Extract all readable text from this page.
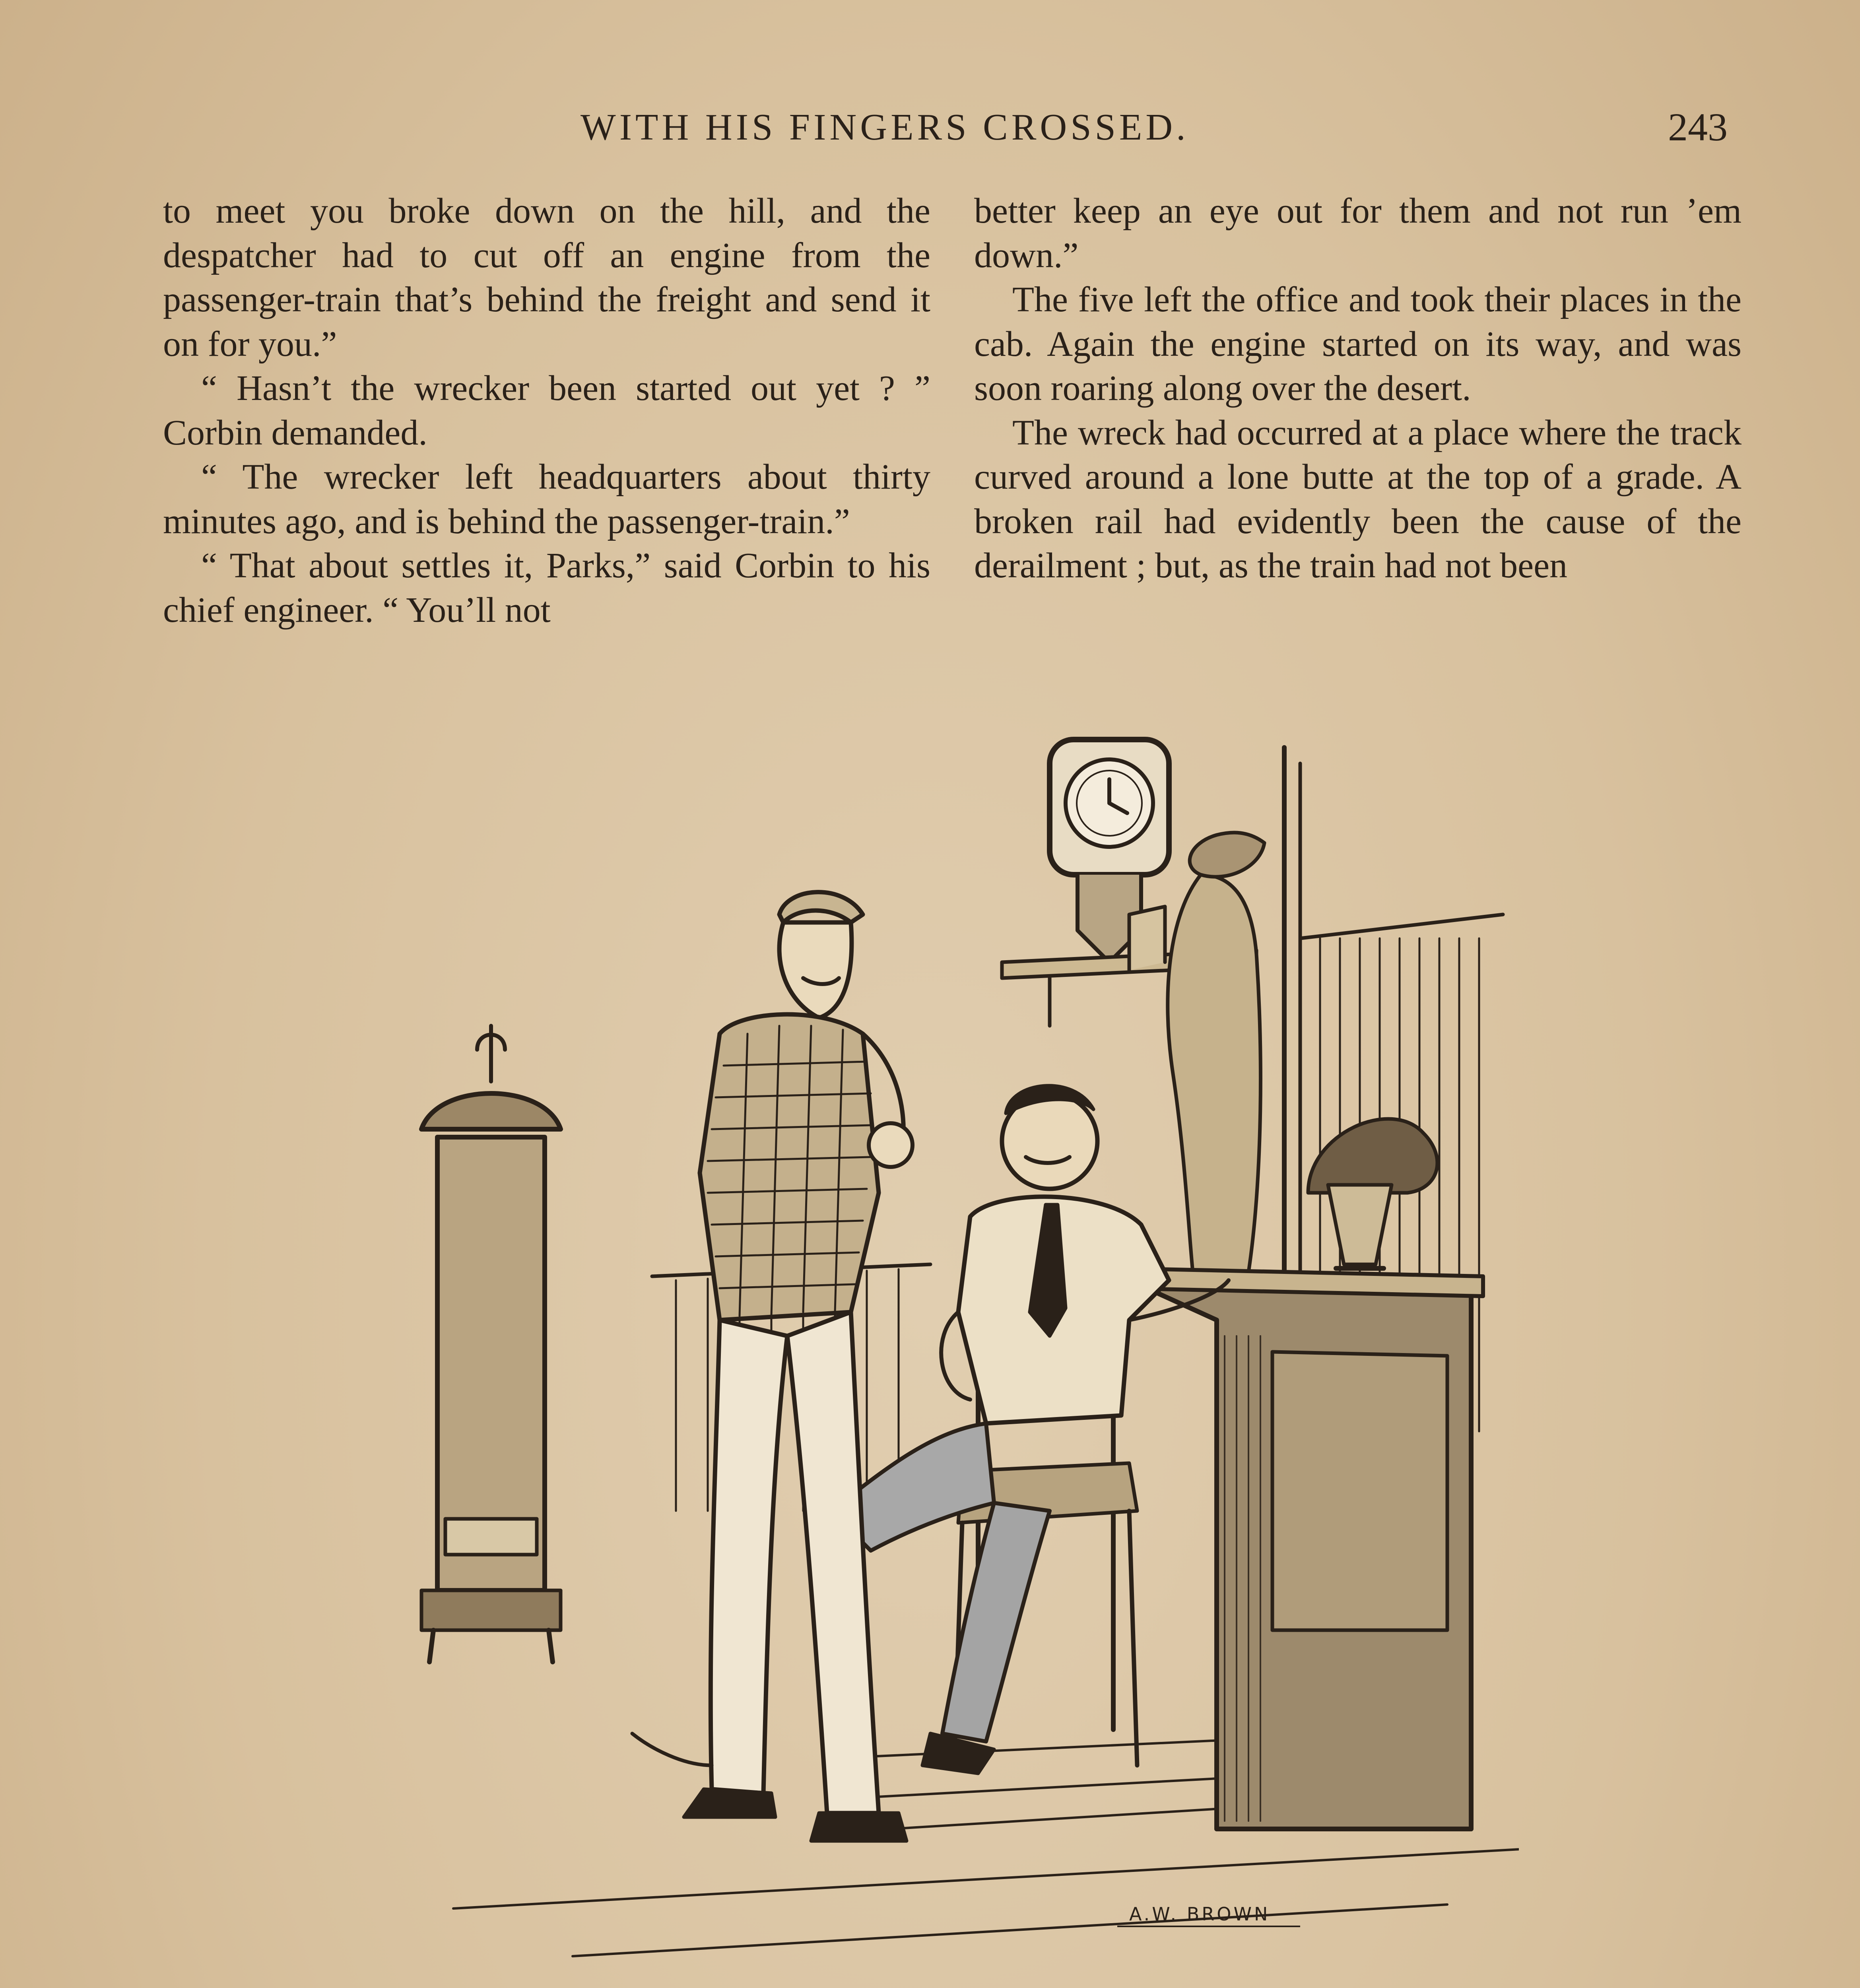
WITH HIS FINGERS CROSSED.	243

to meet you broke down on the hill, and the despatcher had to cut off an engine from the passenger-train that’s behind the freight and send it on for you.”

“ Hasn’t the wrecker been started out yet ? ” Corbin demanded.

“ The wrecker left headquarters about thirty minutes ago, and is behind the passenger-train.”

“ That about settles it, Parks,” said Corbin to his chief engineer. “ You’ll not

better keep an eye out for them and not run ’em down.”

The five left the office and took their places in the cab. Again the engine started on its way, and was soon roaring along over the desert.

The wreck had occurred at a place where the track curved around a lone butte at the top of a grade. A broken rail had evidently been the cause of the derailment ; but, as the train had not been

A.W. BROWN
